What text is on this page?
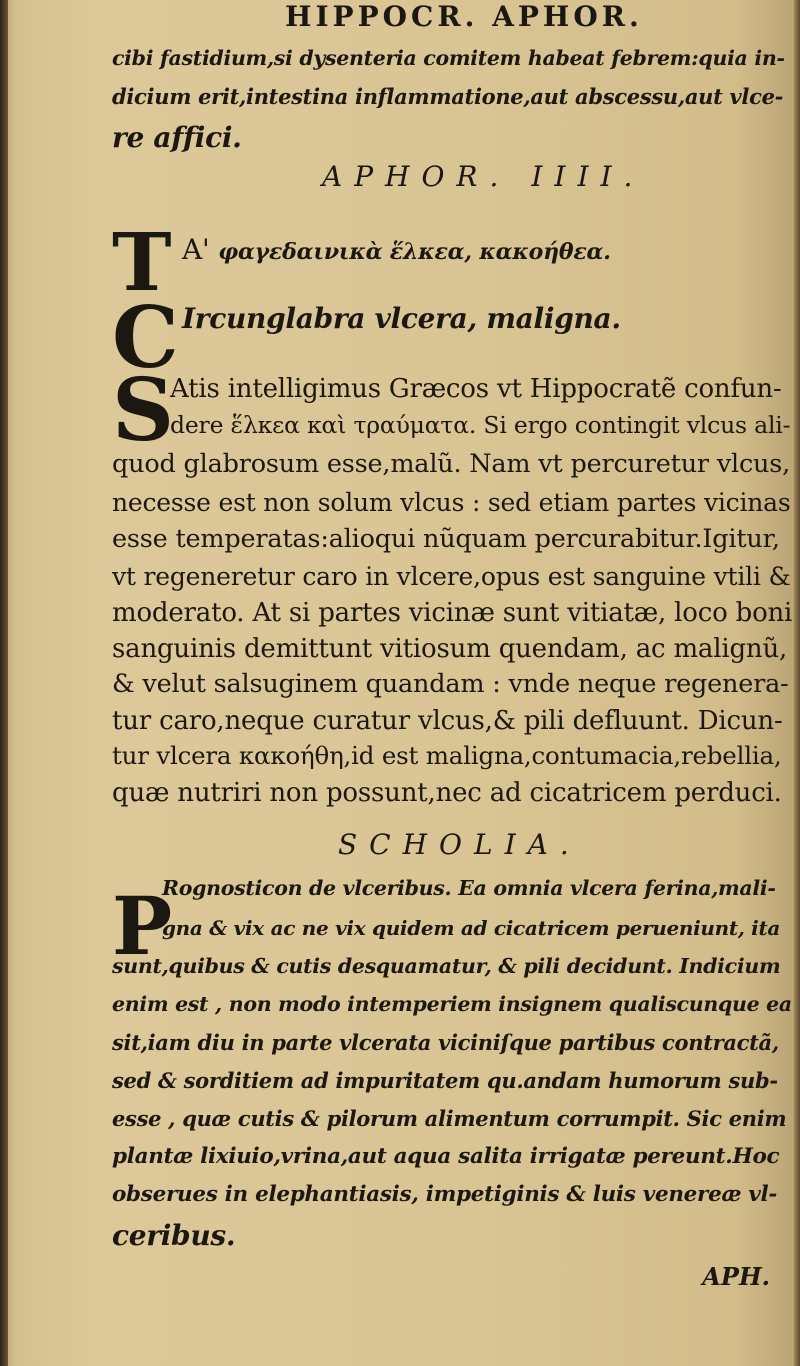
HIPPOCR. APHOR.
cibi fastidium,si dysenteria comitem habeat febrem:quia in-
dicium erit,intestina inflammatione,aut abscessu,aut vlce-
re affici.
APHOR. IIII.
T A' φαγεδαινικὰ ἕλκεα, κακοήθεα.
C Ircunglabra vlcera, maligna.
S
Atis intelligimus Græcos vt Hippocratẽ confun-
dere ἕλκεα καὶ τραύματα. Si ergo contingit vlcus ali-
quod glabrosum esse,malũ. Nam vt percuretur vlcus,
necesse est non solum vlcus : sed etiam partes vicinas
esse temperatas:alioqui nũquam percurabitur.Igitur,
vt regeneretur caro in vlcere,opus est sanguine vtili &
moderato. At si partes vicinæ sunt vitiatæ, loco boni
sanguinis demittunt vitiosum quendam, ac malignũ,
& velut salsuginem quandam : vnde neque regenera-
tur caro,neque curatur vlcus,& pili defluunt. Dicun-
tur vlcera κακοήθη,id est maligna,contumacia,rebellia,
quæ nutriri non possunt,nec ad cicatricem perduci.
SCHOLIA.
P
Rognosticon de vlceribus. Ea omnia vlcera ferina,mali-
gna & vix ac ne vix quidem ad cicatricem perueniunt, ita
sunt,quibus & cutis desquamatur, & pili decidunt. Indicium
enim est , non modo intemperiem insignem qualiscunque ea
sit,iam diu in parte vlcerata viciniſque partibus contractã,
sed & sorditiem ad impuritatem qu.andam humorum sub-
esse , quæ cutis & pilorum alimentum corrumpit. Sic enim
plantæ lixiuio,vrina,aut aqua salita irrigatæ pereunt.Hoc
obserues in elephantiasis, impetiginis & luis venereæ vl-
ceribus.
APH.
